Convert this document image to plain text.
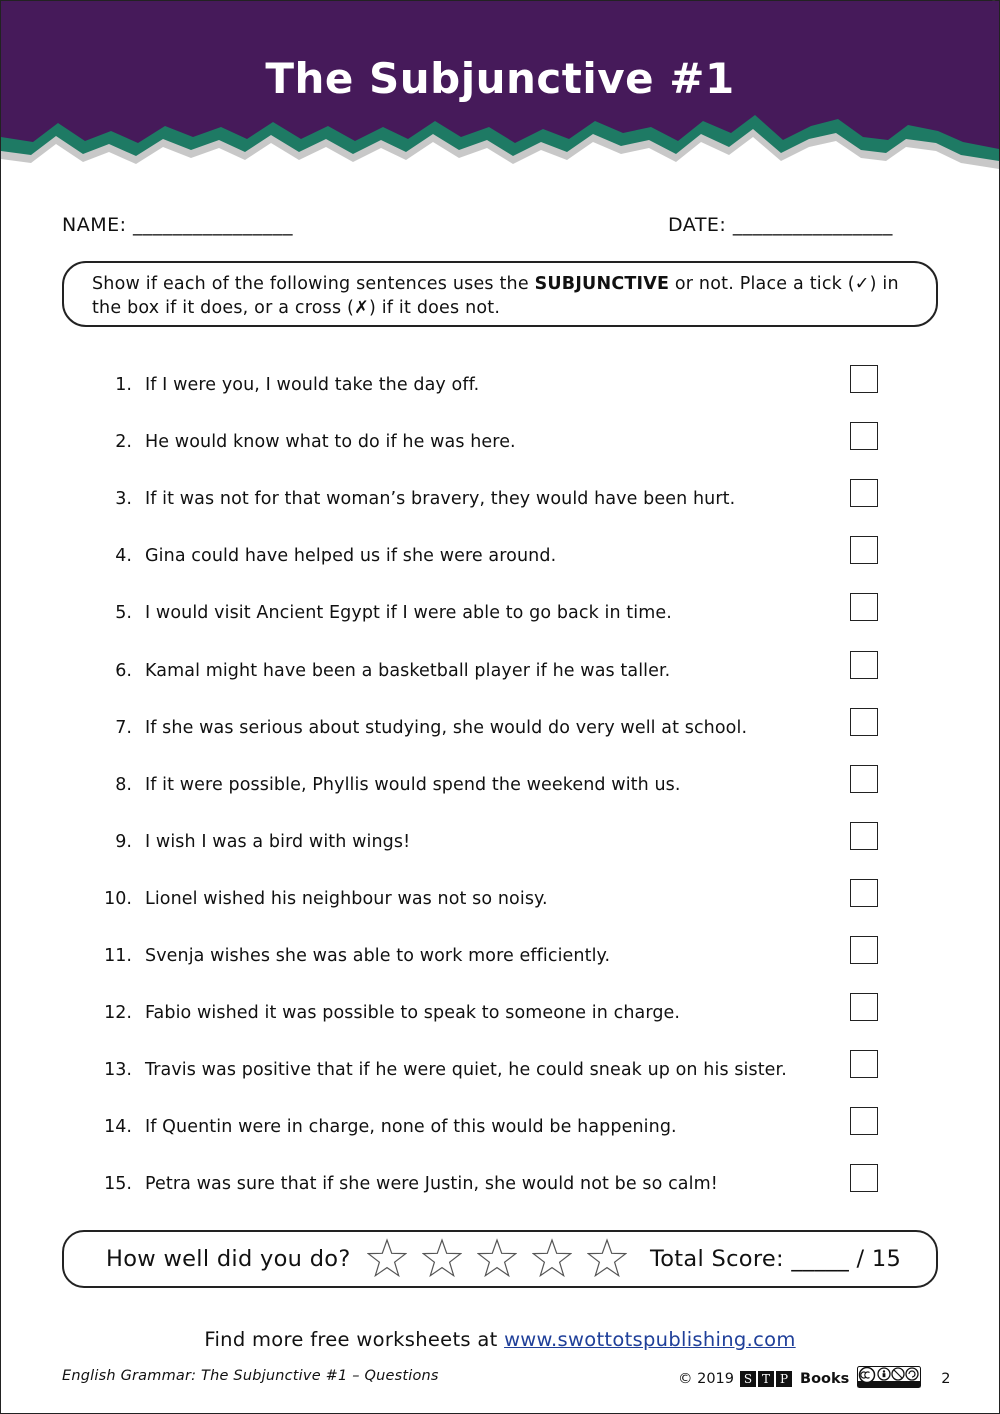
The Subjunctive #1
NAME: ________________	DATE: ________________
Show if each of the following sentences uses the SUBJUNCTIVE or not. Place a tick (✓) in the box if it does, or a cross (✗) if it does not.
1. If I were you, I would take the day off.
2. He would know what to do if he was here.
3. If it was not for that woman’s bravery, they would have been hurt.
4. Gina could have helped us if she were around.
5. I would visit Ancient Egypt if I were able to go back in time.
6. Kamal might have been a basketball player if he was taller.
7. If she was serious about studying, she would do very well at school.
8. If it were possible, Phyllis would spend the weekend with us.
9. I wish I was a bird with wings!
10. Lionel wished his neighbour was not so noisy.
11. Svenja wishes she was able to work more efficiently.
12. Fabio wished it was possible to speak to someone in charge.
13. Travis was positive that if he were quiet, he could sneak up on his sister.
14. If Quentin were in charge, none of this would be happening.
15. Petra was sure that if she were Justin, she would not be so calm!
How well did you do?	Total Score: _____ / 15
Find more free worksheets at www.swottotspublishing.com
English Grammar: The Subjunctive #1 – Questions	© 2019 S T P Books	2
